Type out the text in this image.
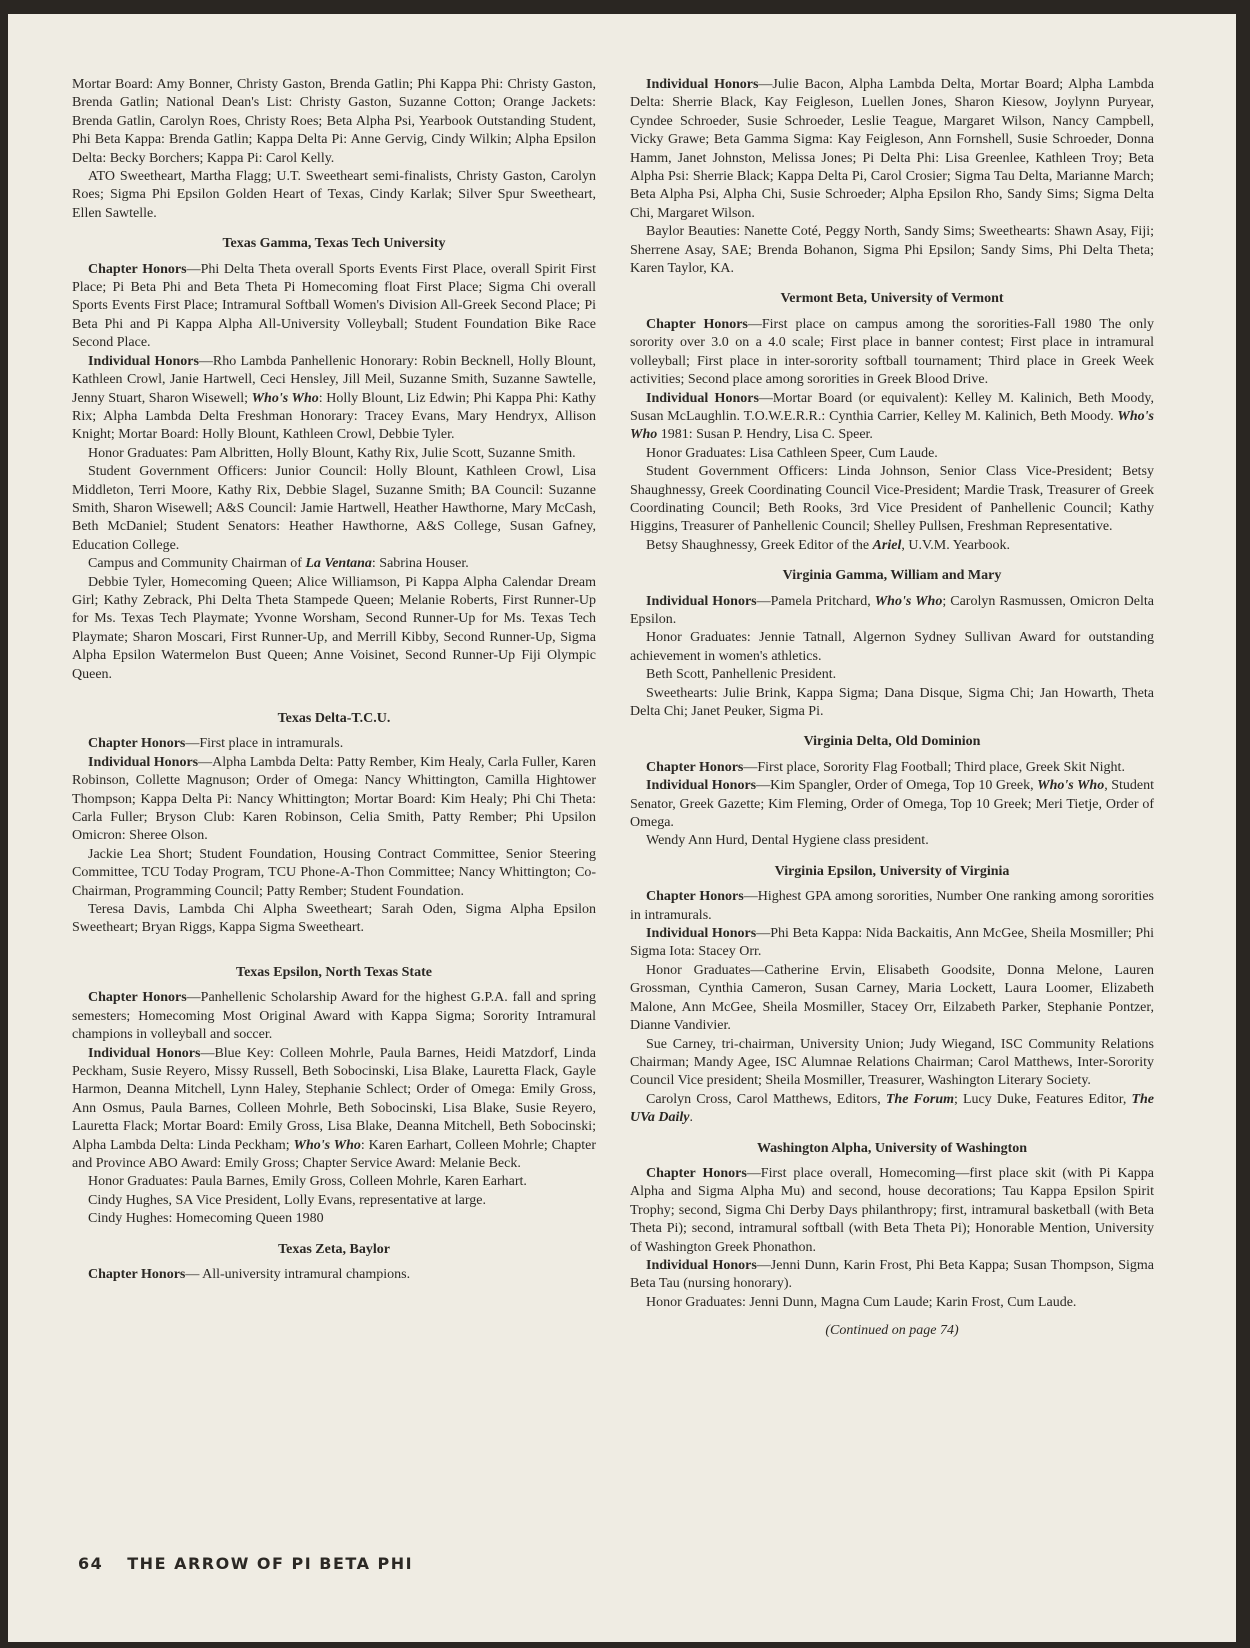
Mortar Board: Amy Bonner, Christy Gaston, Brenda Gatlin; Phi Kappa Phi: Christy Gaston, Brenda Gatlin; National Dean's List: Christy Gaston, Suzanne Cotton; Orange Jackets: Brenda Gatlin, Carolyn Roes, Christy Roes; Beta Alpha Psi, Yearbook Outstanding Student, Phi Beta Kappa: Brenda Gatlin; Kappa Delta Pi: Anne Gervig, Cindy Wilkin; Alpha Epsilon Delta: Becky Borchers; Kappa Pi: Carol Kelly.

ATO Sweetheart, Martha Flagg; U.T. Sweetheart semi-finalists, Christy Gaston, Carolyn Roes; Sigma Phi Epsilon Golden Heart of Texas, Cindy Karlak; Silver Spur Sweetheart, Ellen Sawtelle.

Texas Gamma, Texas Tech University

Chapter Honors—Phi Delta Theta overall Sports Events First Place, overall Spirit First Place; Pi Beta Phi and Beta Theta Pi Homecoming float First Place; Sigma Chi overall Sports Events First Place; Intramural Softball Women's Division All-Greek Second Place; Pi Beta Phi and Pi Kappa Alpha All-University Volleyball; Student Foundation Bike Race Second Place.

Individual Honors—Rho Lambda Panhellenic Honorary: Robin Becknell, Holly Blount, Kathleen Crowl, Janie Hartwell, Ceci Hensley, Jill Meil, Suzanne Smith, Suzanne Sawtelle, Jenny Stuart, Sharon Wisewell; Who's Who: Holly Blount, Liz Edwin; Phi Kappa Phi: Kathy Rix; Alpha Lambda Delta Freshman Honorary: Tracey Evans, Mary Hendryx, Allison Knight; Mortar Board: Holly Blount, Kathleen Crowl, Debbie Tyler.

Honor Graduates: Pam Albritten, Holly Blount, Kathy Rix, Julie Scott, Suzanne Smith.

Student Government Officers: Junior Council: Holly Blount, Kathleen Crowl, Lisa Middleton, Terri Moore, Kathy Rix, Debbie Slagel, Suzanne Smith; BA Council: Suzanne Smith, Sharon Wisewell; A&S Council: Jamie Hartwell, Heather Hawthorne, Mary McCash, Beth McDaniel; Student Senators: Heather Hawthorne, A&S College, Susan Gafney, Education College.

Campus and Community Chairman of La Ventana: Sabrina Houser.

Debbie Tyler, Homecoming Queen; Alice Williamson, Pi Kappa Alpha Calendar Dream Girl; Kathy Zebrack, Phi Delta Theta Stampede Queen; Melanie Roberts, First Runner-Up for Ms. Texas Tech Playmate; Yvonne Worsham, Second Runner-Up for Ms. Texas Tech Playmate; Sharon Moscari, First Runner-Up, and Merrill Kibby, Second Runner-Up, Sigma Alpha Epsilon Watermelon Bust Queen; Anne Voisinet, Second Runner-Up Fiji Olympic Queen.

Texas Delta-T.C.U.

Chapter Honors—First place in intramurals.

Individual Honors—Alpha Lambda Delta: Patty Rember, Kim Healy, Carla Fuller, Karen Robinson, Collette Magnuson; Order of Omega: Nancy Whittington, Camilla Hightower Thompson; Kappa Delta Pi: Nancy Whittington; Mortar Board: Kim Healy; Phi Chi Theta: Carla Fuller; Bryson Club: Karen Robinson, Celia Smith, Patty Rember; Phi Upsilon Omicron: Sheree Olson.

Jackie Lea Short; Student Foundation, Housing Contract Committee, Senior Steering Committee, TCU Today Program, TCU Phone-A-Thon Committee; Nancy Whittington; Co-Chairman, Programming Council; Patty Rember; Student Foundation.

Teresa Davis, Lambda Chi Alpha Sweetheart; Sarah Oden, Sigma Alpha Epsilon Sweetheart; Bryan Riggs, Kappa Sigma Sweetheart.

Texas Epsilon, North Texas State

Chapter Honors—Panhellenic Scholarship Award for the highest G.P.A. fall and spring semesters; Homecoming Most Original Award with Kappa Sigma; Sorority Intramural champions in volleyball and soccer.

Individual Honors—Blue Key: Colleen Mohrle, Paula Barnes, Heidi Matzdorf, Linda Peckham, Susie Reyero, Missy Russell, Beth Sobocinski, Lisa Blake, Lauretta Flack, Gayle Harmon, Deanna Mitchell, Lynn Haley, Stephanie Schlect; Order of Omega: Emily Gross, Ann Osmus, Paula Barnes, Colleen Mohrle, Beth Sobocinski, Lisa Blake, Susie Reyero, Lauretta Flack; Mortar Board: Emily Gross, Lisa Blake, Deanna Mitchell, Beth Sobocinski; Alpha Lambda Delta: Linda Peckham; Who's Who: Karen Earhart, Colleen Mohrle; Chapter and Province ABO Award: Emily Gross; Chapter Service Award: Melanie Beck.

Honor Graduates: Paula Barnes, Emily Gross, Colleen Mohrle, Karen Earhart.

Cindy Hughes, SA Vice President, Lolly Evans, representative at large.

Cindy Hughes: Homecoming Queen 1980

Texas Zeta, Baylor

Chapter Honors— All-university intramural champions.

Individual Honors—Julie Bacon, Alpha Lambda Delta, Mortar Board; Alpha Lambda Delta: Sherrie Black, Kay Feigleson, Luellen Jones, Sharon Kiesow, Joylynn Puryear, Cyndee Schroeder, Susie Schroeder, Leslie Teague, Margaret Wilson, Nancy Campbell, Vicky Grawe; Beta Gamma Sigma: Kay Feigleson, Ann Fornshell, Susie Schroeder, Donna Hamm, Janet Johnston, Melissa Jones; Pi Delta Phi: Lisa Greenlee, Kathleen Troy; Beta Alpha Psi: Sherrie Black; Kappa Delta Pi, Carol Crosier; Sigma Tau Delta, Marianne March; Beta Alpha Psi, Alpha Chi, Susie Schroeder; Alpha Epsilon Rho, Sandy Sims; Sigma Delta Chi, Margaret Wilson.

Baylor Beauties: Nanette Coté, Peggy North, Sandy Sims; Sweethearts: Shawn Asay, Fiji; Sherrene Asay, SAE; Brenda Bohanon, Sigma Phi Epsilon; Sandy Sims, Phi Delta Theta; Karen Taylor, KA.

Vermont Beta, University of Vermont

Chapter Honors—First place on campus among the sororities-Fall 1980 The only sorority over 3.0 on a 4.0 scale; First place in banner contest; First place in intramural volleyball; First place in inter-sorority softball tournament; Third place in Greek Week activities; Second place among sororities in Greek Blood Drive.

Individual Honors—Mortar Board (or equivalent): Kelley M. Kalinich, Beth Moody, Susan McLaughlin. T.O.W.E.R.R.: Cynthia Carrier, Kelley M. Kalinich, Beth Moody. Who's Who 1981: Susan P. Hendry, Lisa C. Speer.

Honor Graduates: Lisa Cathleen Speer, Cum Laude.

Student Government Officers: Linda Johnson, Senior Class Vice-President; Betsy Shaughnessy, Greek Coordinating Council Vice-President; Mardie Trask, Treasurer of Greek Coordinating Council; Beth Rooks, 3rd Vice President of Panhellenic Council; Kathy Higgins, Treasurer of Panhellenic Council; Shelley Pullsen, Freshman Representative.

Betsy Shaughnessy, Greek Editor of the Ariel, U.V.M. Yearbook.

Virginia Gamma, William and Mary

Individual Honors—Pamela Pritchard, Who's Who; Carolyn Rasmussen, Omicron Delta Epsilon.

Honor Graduates: Jennie Tatnall, Algernon Sydney Sullivan Award for outstanding achievement in women's athletics.

Beth Scott, Panhellenic President.

Sweethearts: Julie Brink, Kappa Sigma; Dana Disque, Sigma Chi; Jan Howarth, Theta Delta Chi; Janet Peuker, Sigma Pi.

Virginia Delta, Old Dominion

Chapter Honors—First place, Sorority Flag Football; Third place, Greek Skit Night.

Individual Honors—Kim Spangler, Order of Omega, Top 10 Greek, Who's Who, Student Senator, Greek Gazette; Kim Fleming, Order of Omega, Top 10 Greek; Meri Tietje, Order of Omega.

Wendy Ann Hurd, Dental Hygiene class president.

Virginia Epsilon, University of Virginia

Chapter Honors—Highest GPA among sororities, Number One ranking among sororities in intramurals.

Individual Honors—Phi Beta Kappa: Nida Backaitis, Ann McGee, Sheila Mosmiller; Phi Sigma Iota: Stacey Orr.

Honor Graduates—Catherine Ervin, Elisabeth Goodsite, Donna Melone, Lauren Grossman, Cynthia Cameron, Susan Carney, Maria Lockett, Laura Loomer, Elizabeth Malone, Ann McGee, Sheila Mosmiller, Stacey Orr, Eilzabeth Parker, Stephanie Pontzer, Dianne Vandivier.

Sue Carney, tri-chairman, University Union; Judy Wiegand, ISC Community Relations Chairman; Mandy Agee, ISC Alumnae Relations Chairman; Carol Matthews, Inter-Sorority Council Vice president; Sheila Mosmiller, Treasurer, Washington Literary Society.

Carolyn Cross, Carol Matthews, Editors, The Forum; Lucy Duke, Features Editor, The UVa Daily.

Washington Alpha, University of Washington

Chapter Honors—First place overall, Homecoming—first place skit (with Pi Kappa Alpha and Sigma Alpha Mu) and second, house decorations; Tau Kappa Epsilon Spirit Trophy; second, Sigma Chi Derby Days philanthropy; first, intramural basketball (with Beta Theta Pi); second, intramural softball (with Beta Theta Pi); Honorable Mention, University of Washington Greek Phonathon.

Individual Honors—Jenni Dunn, Karin Frost, Phi Beta Kappa; Susan Thompson, Sigma Beta Tau (nursing honorary).

Honor Graduates: Jenni Dunn, Magna Cum Laude; Karin Frost, Cum Laude.

(Continued on page 74)
64 THE ARROW OF PI BETA PHI
